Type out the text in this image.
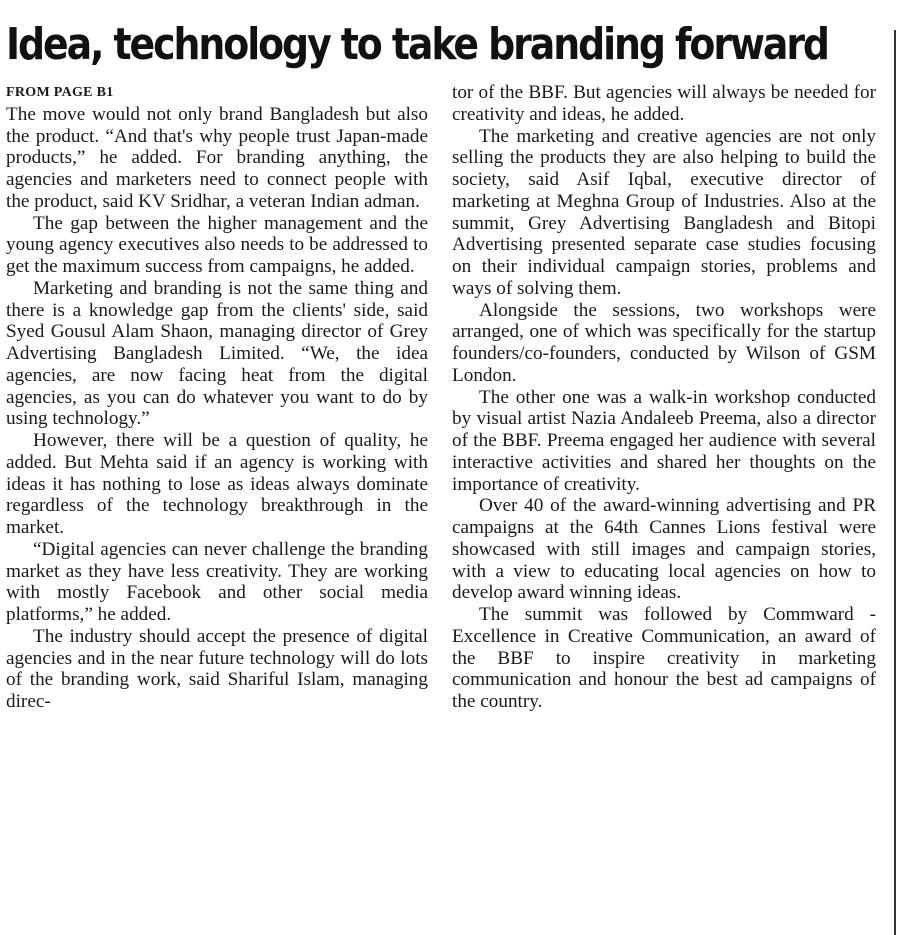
Idea, technology to take branding forward
FROM PAGE B1

The move would not only brand Bangladesh but also the product. “And that's why people trust Japan-made products,” he added. For branding anything, the agencies and marketers need to connect people with the product, said KV Sridhar, a veteran Indian adman.

The gap between the higher management and the young agency executives also needs to be addressed to get the maximum success from campaigns, he added.

Marketing and branding is not the same thing and there is a knowledge gap from the clients' side, said Syed Gousul Alam Shaon, managing director of Grey Advertising Bangladesh Limited. “We, the idea agencies, are now facing heat from the digital agencies, as you can do whatever you want to do by using technology.”

However, there will be a question of quality, he added. But Mehta said if an agency is working with ideas it has nothing to lose as ideas always dominate regardless of the technology breakthrough in the market.

“Digital agencies can never challenge the branding market as they have less creativity. They are working with mostly Facebook and other social media platforms,” he added.

The industry should accept the presence of digital agencies and in the near future technology will do lots of the branding work, said Shariful Islam, managing direc-

tor of the BBF. But agencies will always be needed for creativity and ideas, he added.

The marketing and creative agencies are not only selling the products they are also helping to build the society, said Asif Iqbal, executive director of marketing at Meghna Group of Industries. Also at the summit, Grey Advertising Bangladesh and Bitopi Advertising presented separate case studies focusing on their individual campaign stories, problems and ways of solving them.

Alongside the sessions, two workshops were arranged, one of which was specifically for the startup founders/co-founders, conducted by Wilson of GSM London.

The other one was a walk-in workshop conducted by visual artist Nazia Andaleeb Preema, also a director of the BBF. Preema engaged her audience with several interactive activities and shared her thoughts on the importance of creativity.

Over 40 of the award-winning advertising and PR campaigns at the 64th Cannes Lions festival were showcased with still images and campaign stories, with a view to educating local agencies on how to develop award winning ideas.

The summit was followed by Commward - Excellence in Creative Communication, an award of the BBF to inspire creativity in marketing communication and honour the best ad campaigns of the country.
